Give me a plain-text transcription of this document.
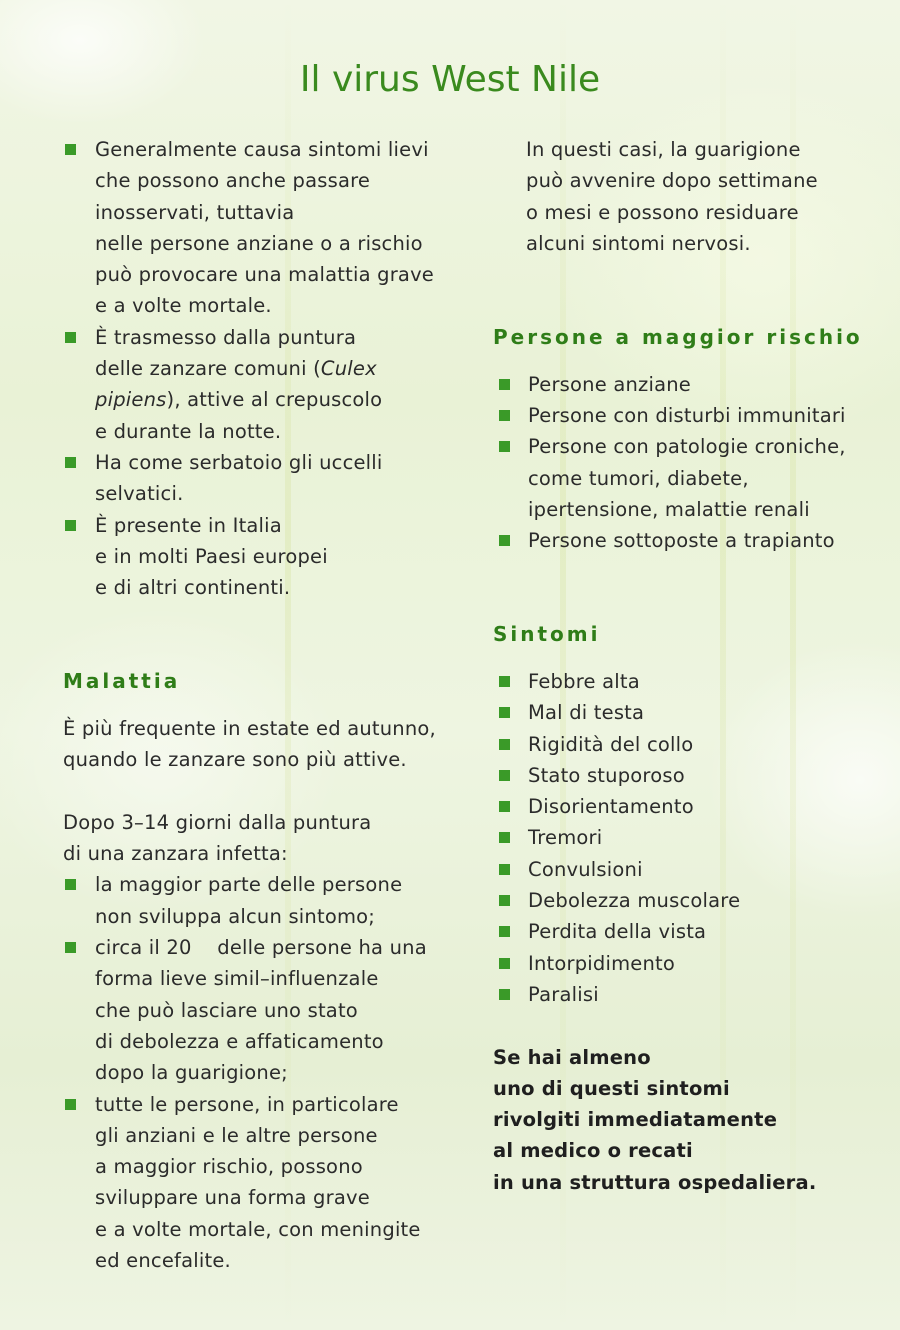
Il virus West Nile
Generalmente causa sintomi lievi
che possono anche passare
inosservati, tuttavia
nelle persone anziane o a rischio
può provocare una malattia grave
e a volte mortale.
È trasmesso dalla puntura
delle zanzare comuni (Culex
pipiens), attive al crepuscolo
e durante la notte.
Ha come serbatoio gli uccelli
selvatici.
È presente in Italia
e in molti Paesi europei
e di altri continenti.
Malattia

È più frequente in estate ed autunno,
quando le zanzare sono più attive.

Dopo 3–14 giorni dalla puntura
di una zanzara infetta:

la maggior parte delle persone
non sviluppa alcun sintomo;
circa il 20    delle persone ha una
forma lieve simil–influenzale
che può lasciare uno stato
di debolezza e affaticamento
dopo la guarigione;
tutte le persone, in particolare
gli anziani e le altre persone
a maggior rischio, possono
sviluppare una forma grave
e a volte mortale, con meningite
ed encefalite.

In questi casi, la guarigione
può avvenire dopo settimane
o mesi e possono residuare
alcuni sintomi nervosi.

Persone a maggior rischio
Persone anziane
Persone con disturbi immunitari
Persone con patologie croniche,
come tumori, diabete,
ipertensione, malattie renali
Persone sottoposte a trapianto
Sintomi
Febbre alta
Mal di testa
Rigidità del collo
Stato stuporoso
Disorientamento
Tremori
Convulsioni
Debolezza muscolare
Perdita della vista
Intorpidimento
Paralisi

Se hai almeno
uno di questi sintomi
rivolgiti immediatamente
al medico o recati
in una struttura ospedaliera.
